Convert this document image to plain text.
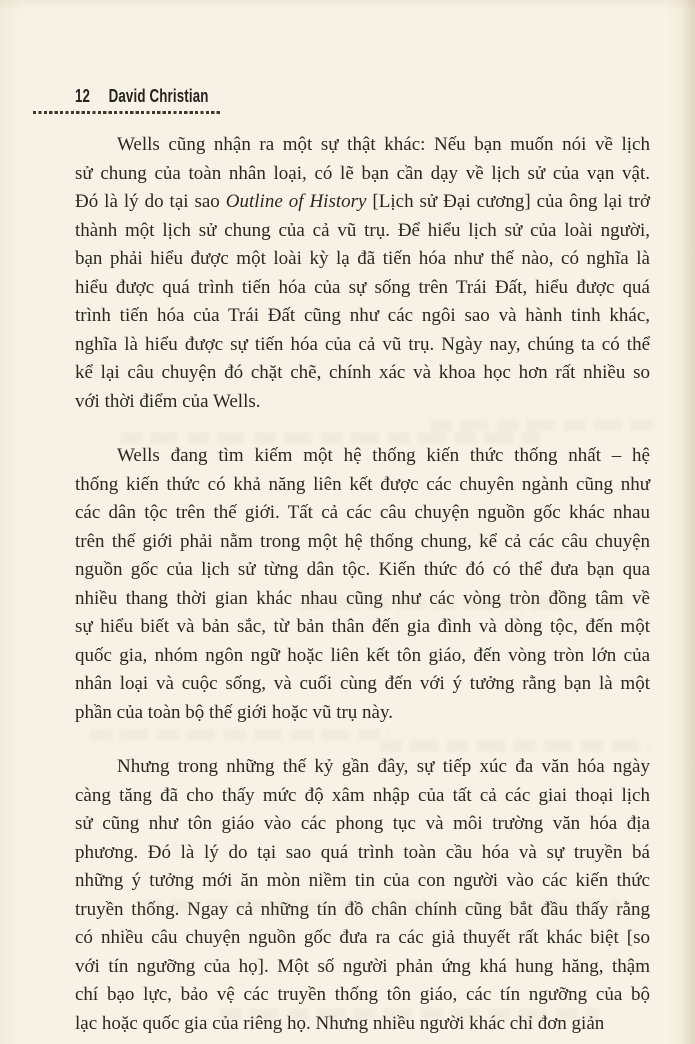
12 David Christian
Wells cũng nhận ra một sự thật khác: Nếu bạn muốn nói về lịch
sử chung của toàn nhân loại, có lẽ bạn cần dạy về lịch sử của vạn vật.
Đó là lý do tại sao Outline of History [Lịch sử Đại cương] của ông lại trở
thành một lịch sử chung của cả vũ trụ. Để hiểu lịch sử của loài người,
bạn phải hiểu được một loài kỳ lạ đã tiến hóa như thế nào, có nghĩa là
hiểu được quá trình tiến hóa của sự sống trên Trái Đất, hiểu được quá
trình tiến hóa của Trái Đất cũng như các ngôi sao và hành tinh khác,
nghĩa là hiểu được sự tiến hóa của cả vũ trụ. Ngày nay, chúng ta có thể
kể lại câu chuyện đó chặt chẽ, chính xác và khoa học hơn rất nhiều so
với thời điểm của Wells.
Wells đang tìm kiếm một hệ thống kiến thức thống nhất – hệ
thống kiến thức có khả năng liên kết được các chuyên ngành cũng như
các dân tộc trên thế giới. Tất cả các câu chuyện nguồn gốc khác nhau
trên thế giới phải nằm trong một hệ thống chung, kể cả các câu chuyện
nguồn gốc của lịch sử từng dân tộc. Kiến thức đó có thể đưa bạn qua
nhiều thang thời gian khác nhau cũng như các vòng tròn đồng tâm về
sự hiểu biết và bản sắc, từ bản thân đến gia đình và dòng tộc, đến một
quốc gia, nhóm ngôn ngữ hoặc liên kết tôn giáo, đến vòng tròn lớn của
nhân loại và cuộc sống, và cuối cùng đến với ý tưởng rằng bạn là một
phần của toàn bộ thế giới hoặc vũ trụ này.
Nhưng trong những thế kỷ gần đây, sự tiếp xúc đa văn hóa ngày
càng tăng đã cho thấy mức độ xâm nhập của tất cả các giai thoại lịch
sử cũng như tôn giáo vào các phong tục và môi trường văn hóa địa
phương. Đó là lý do tại sao quá trình toàn cầu hóa và sự truyền bá
những ý tưởng mới ăn mòn niềm tin của con người vào các kiến thức
truyền thống. Ngay cả những tín đồ chân chính cũng bắt đầu thấy rằng
có nhiều câu chuyện nguồn gốc đưa ra các giả thuyết rất khác biệt [so
với tín ngưỡng của họ]. Một số người phản ứng khá hung hăng, thậm
chí bạo lực, bảo vệ các truyền thống tôn giáo, các tín ngưỡng của bộ
lạc hoặc quốc gia của riêng họ. Nhưng nhiều người khác chỉ đơn giản
